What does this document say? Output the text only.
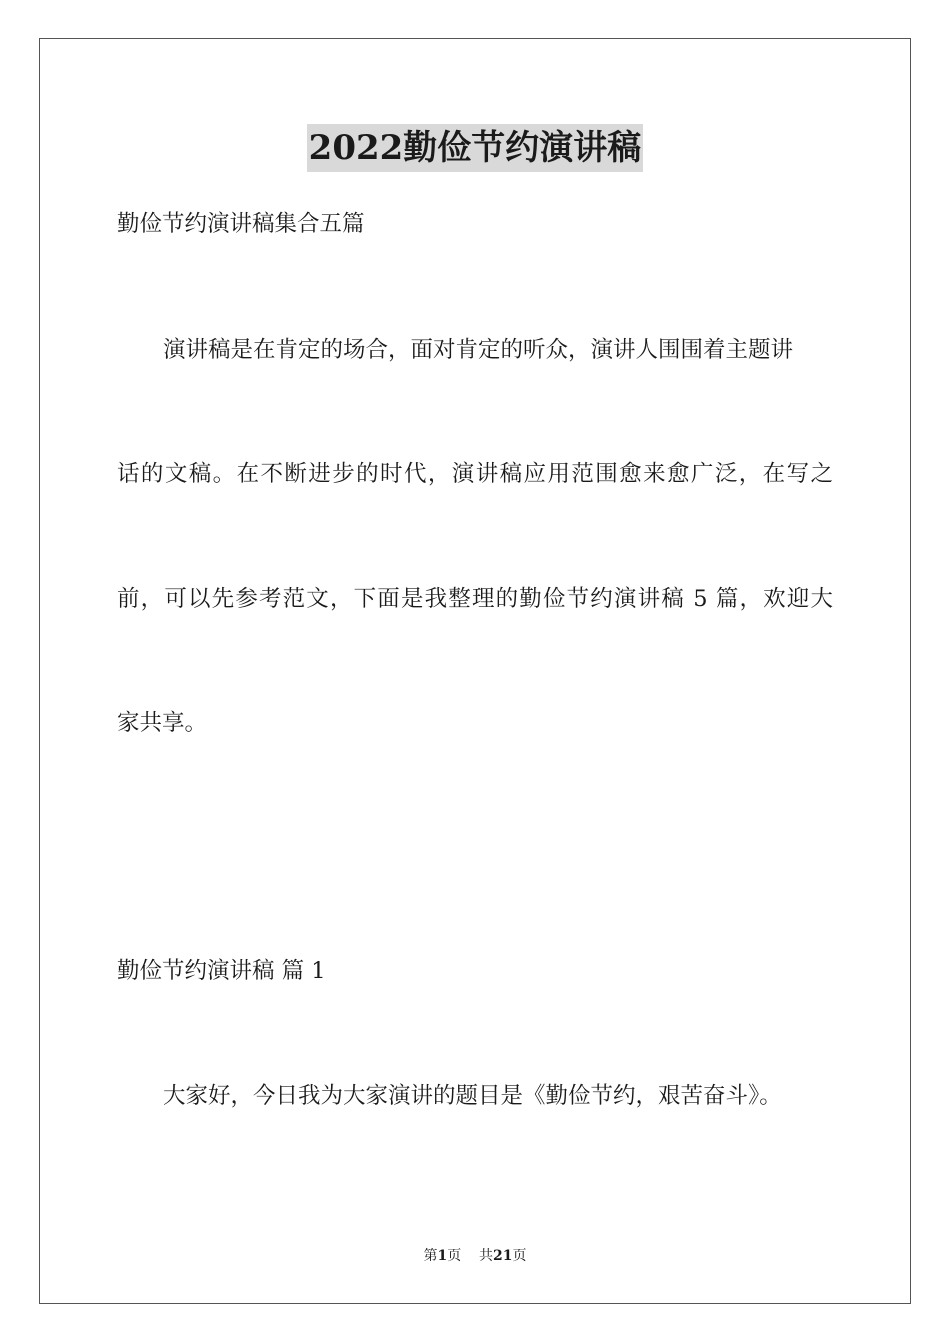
2022勤俭节约演讲稿
勤俭节约演讲稿集合五篇
演讲稿是在肯定的场合，面对肯定的听众，演讲人围围着主题讲
话的文稿。在不断进步的时代，演讲稿应用范围愈来愈广泛，在写之
前，可以先参考范文，下面是我整理的勤俭节约演讲稿 5 篇，欢迎大
家共享。
勤俭节约演讲稿 篇 1
大家好，今日我为大家演讲的题目是《勤俭节约，艰苦奋斗》。
第1页 共21页
